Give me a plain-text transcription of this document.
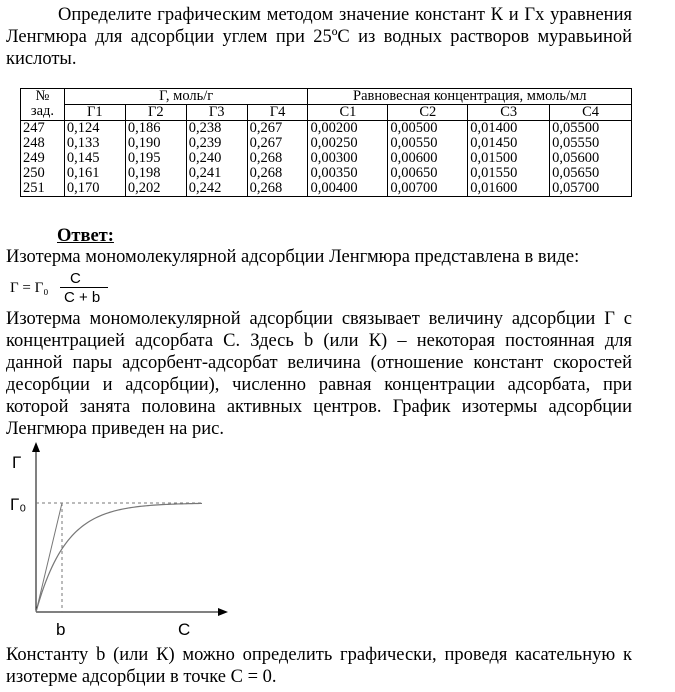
Определите графическим методом значение констант К и Гх уравнения Ленгмюра для адсорбции углем при 25ºС из водных растворов муравьиной кислоты.

№
зад.	Г, моль/г				Равновесная концентрация, ммоль/мл			
	Г1	Г2	Г3	Г4	С1	С2	С3	С4
247	0,124	0,186	0,238	0,267	0,00200	0,00500	0,01400	0,05500
248	0,133	0,190	0,239	0,267	0,00250	0,00550	0,01450	0,05550
249	0,145	0,195	0,240	0,268	0,00300	0,00600	0,01500	0,05600
250	0,161	0,198	0,241	0,268	0,00350	0,00650	0,01550	0,05650
251	0,170	0,202	0,242	0,268	0,00400	0,00700	0,01600	0,05700
Ответ:

Изотерма мономолекулярной адсорбции Ленгмюра представлена в виде:

Г = Г₀
C
C + b

Изотерма мономолекулярной адсорбции связывает величину адсорбции Г с концентрацией адсорбата С. Здесь b (или К) – некоторая постоянная для данной пары адсорбент-адсорбат величина (отношение констант скоростей десорбции и адсорбции), численно равная концентрации адсорбата, при которой занята половина активных центров. График изотермы адсорбции Ленгмюра приведен на рис.

Г
Г₀
b	С

Константу b (или К) можно определить графически, проведя касательную к изотерме адсорбции в точке С = 0.
